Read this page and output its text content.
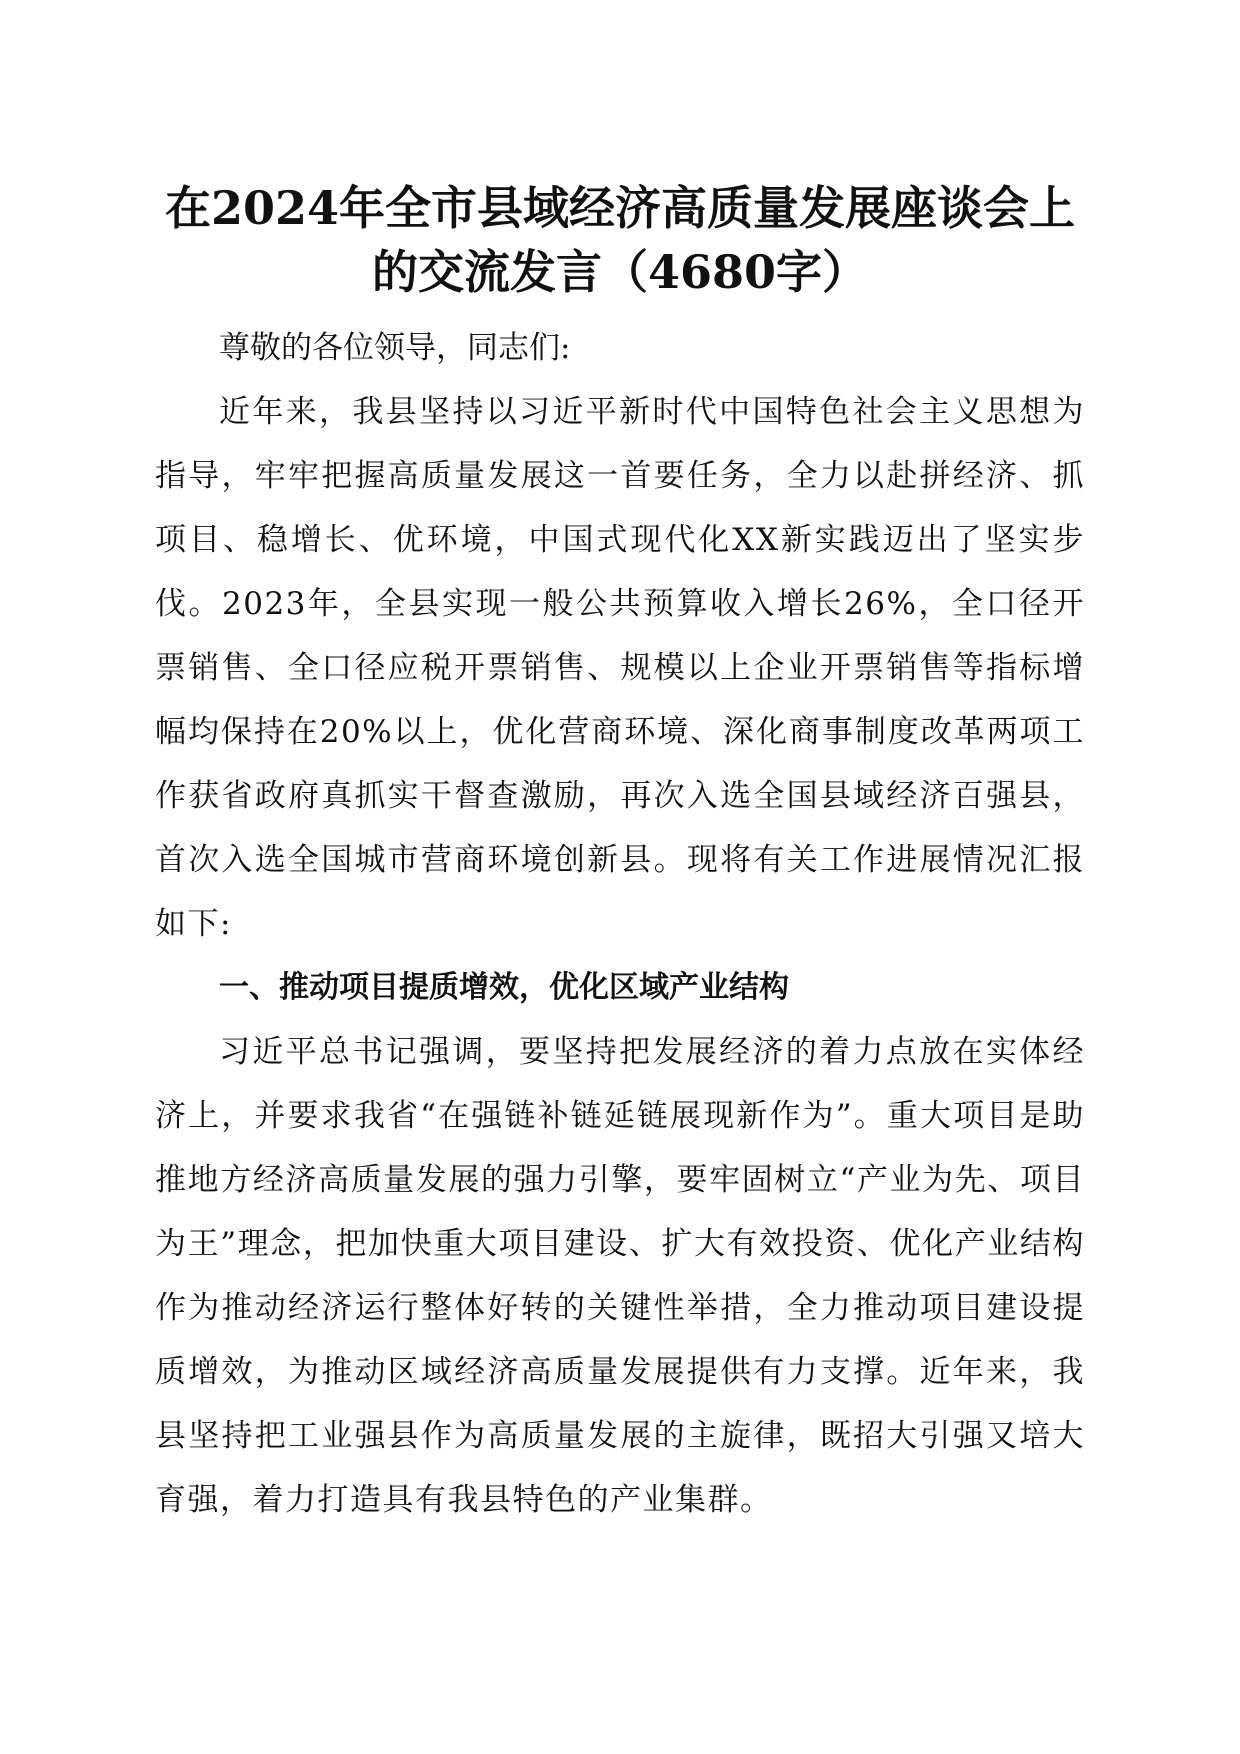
在2024年全市县域经济高质量发展座谈会上
的交流发言（4680字）

尊敬的各位领导，同志们:

近年来，我县坚持以习近平新时代中国特色社会主义思想为指导，牢牢把握高质量发展这一首要任务，全力以赴拼经济、抓项目、稳增长、优环境，中国式现代化XX新实践迈出了坚实步伐。2023年，全县实现一般公共预算收入增长26%，全口径开票销售、全口径应税开票销售、规模以上企业开票销售等指标增幅均保持在20%以上，优化营商环境、深化商事制度改革两项工作获省政府真抓实干督查激励，再次入选全国县域经济百强县，首次入选全国城市营商环境创新县。现将有关工作进展情况汇报如下:

一、推动项目提质增效，优化区域产业结构

习近平总书记强调，要坚持把发展经济的着力点放在实体经济上，并要求我省“在强链补链延链展现新作为”。重大项目是助推地方经济高质量发展的强力引擎，要牢固树立“产业为先、项目为王”理念，把加快重大项目建设、扩大有效投资、优化产业结构作为推动经济运行整体好转的关键性举措，全力推动项目建设提质增效，为推动区域经济高质量发展提供有力支撑。近年来，我县坚持把工业强县作为高质量发展的主旋律，既招大引强又培大育强，着力打造具有我县特色的产业集群。
